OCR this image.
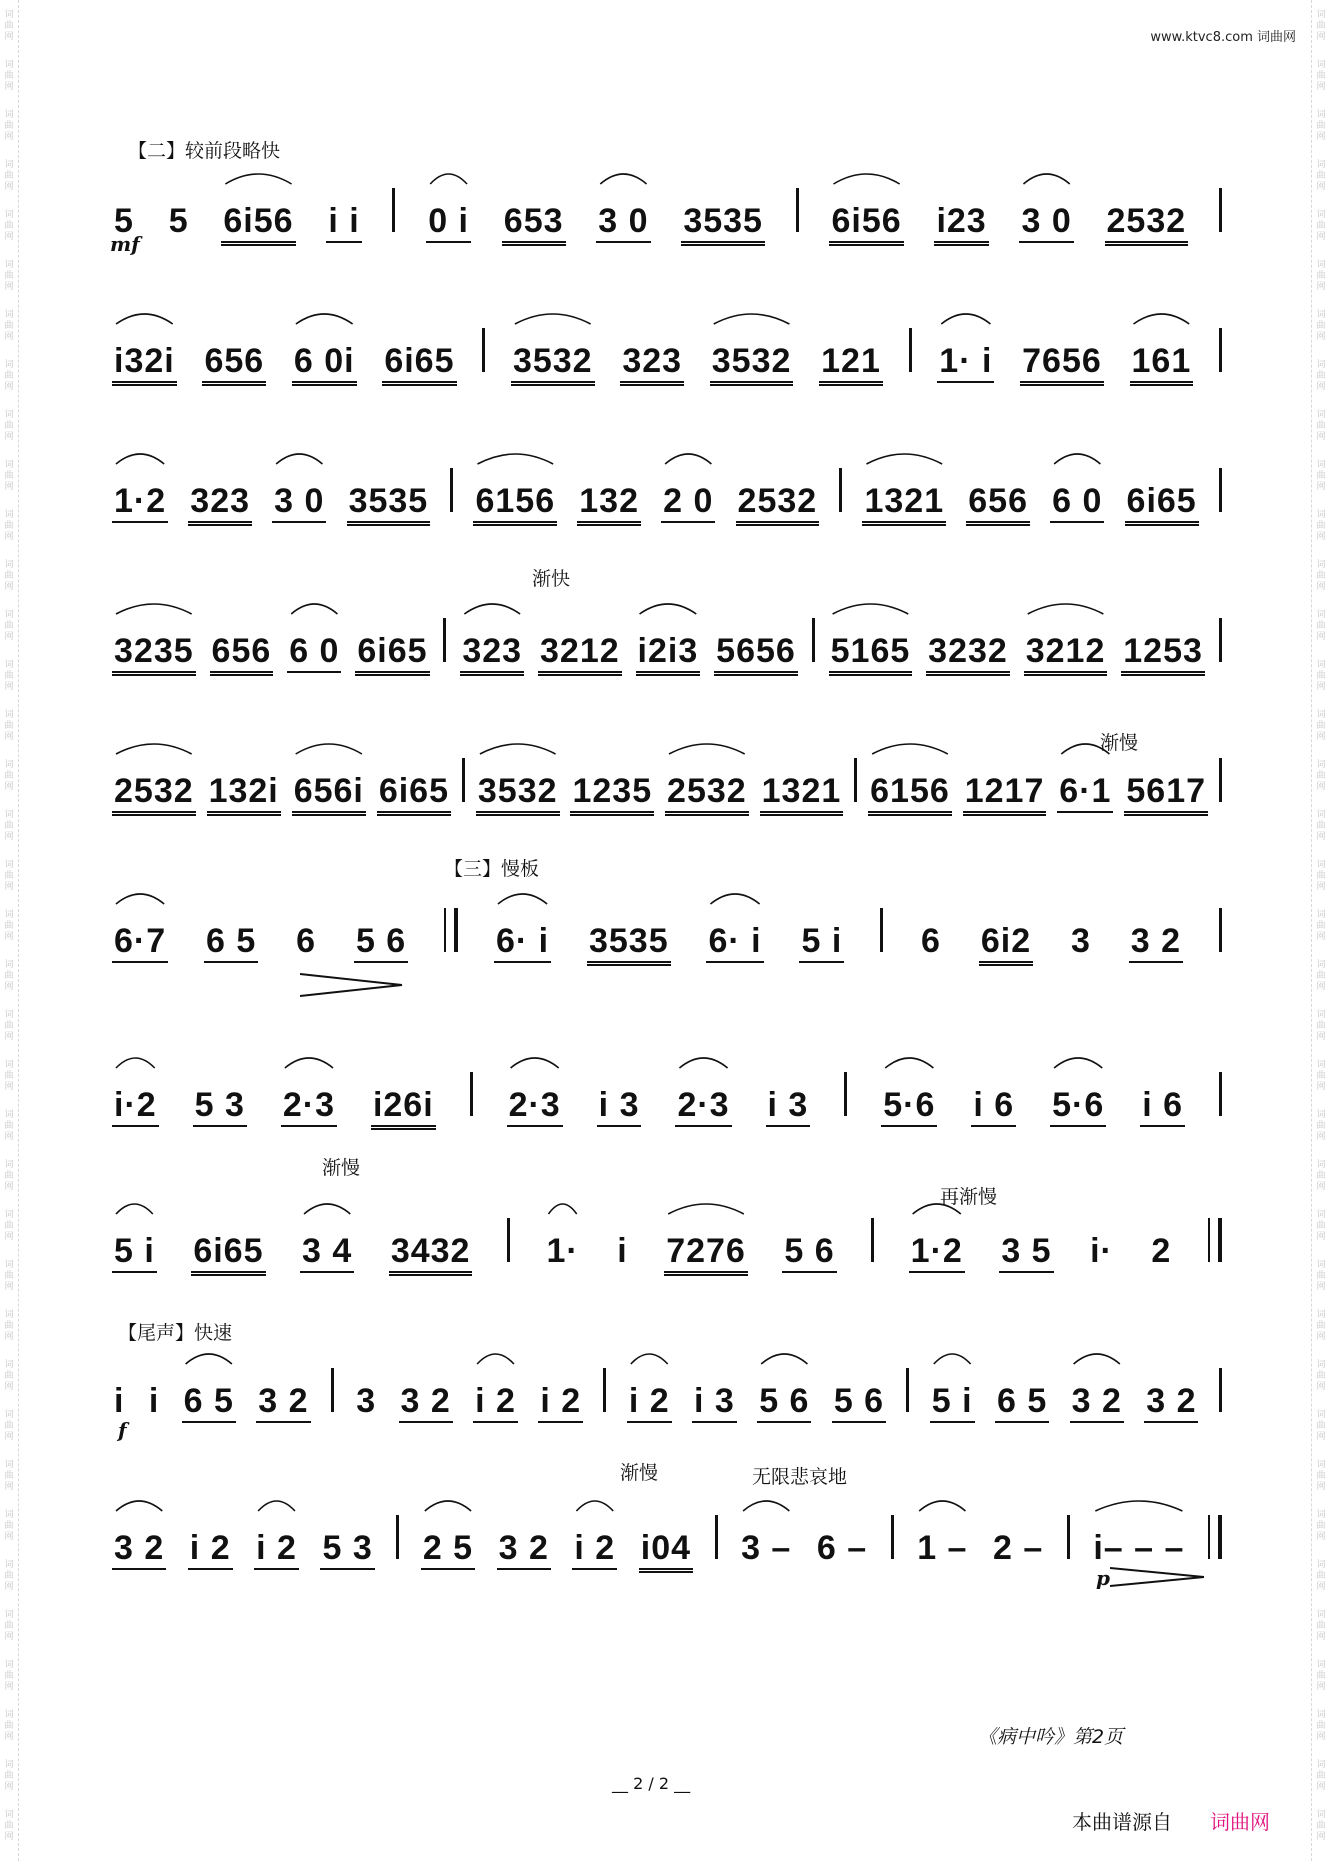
词曲网
词曲网
词曲网
词曲网
词曲网
词曲网
词曲网
词曲网
词曲网
词曲网
词曲网
词曲网
词曲网
词曲网
词曲网
词曲网
词曲网
词曲网
词曲网
词曲网
词曲网
词曲网
词曲网
词曲网
词曲网
词曲网
词曲网
词曲网
词曲网
词曲网
词曲网
词曲网
词曲网
词曲网
词曲网
词曲网
词曲网
词曲网
词曲网
词曲网
词曲网
词曲网
词曲网
词曲网
词曲网
词曲网
词曲网
词曲网
词曲网
词曲网
词曲网
词曲网
词曲网
词曲网
词曲网
词曲网
词曲网
词曲网
词曲网
词曲网
词曲网
词曲网
词曲网
词曲网
词曲网
词曲网
词曲网
词曲网
词曲网
词曲网
词曲网
词曲网
词曲网
词曲网
www.ktvc8.com 词曲网
【二】较前段略快
【三】慢板
【尾声】快速
渐快
渐慢
渐慢
再渐慢
渐慢	无限悲哀地
mf
f
p
5 5 6i56 i i 0 i 653 3 0 3535 6i56 i23 3 0 2532
i32i 656 6 0i 6i65 3532 323 3532 121 1· i 7656 161
1·2 323 3 0 3535 6156 132 2 0 2532 1321 656 6 0 6i65
3235 656 6 0 6i65 323 3212 i2i3 5656 5165 3232 3212 1253
2532 132i 656i 6i65 3532 1235 2532 1321 6156 1217 6·1 5617
6·7 6 5 6 5 6	6· i 3535 6· i 5 i 6 6i2 3 3 2
i·2 5 3 2·3 i26i 2·3 i 3 2·3 i 3 5·6 i 6 5·6 i 6
5 i 6i65 3 4 3432 1· i 7276 5 6 1·2 3 5 i· 2
i i 6 5 3 2 3 3 2 i 2 i 2 i 2 i 3 5 6 5 6 5 i 6 5 3 2 3 2
3 2 i 2 i 2 5 3 2 5 3 2 i 2 i04 3 – 6 – 1 – 2 – i– – –
《病中吟》第2页
__ 2 / 2 __
本曲谱源自 词曲网
